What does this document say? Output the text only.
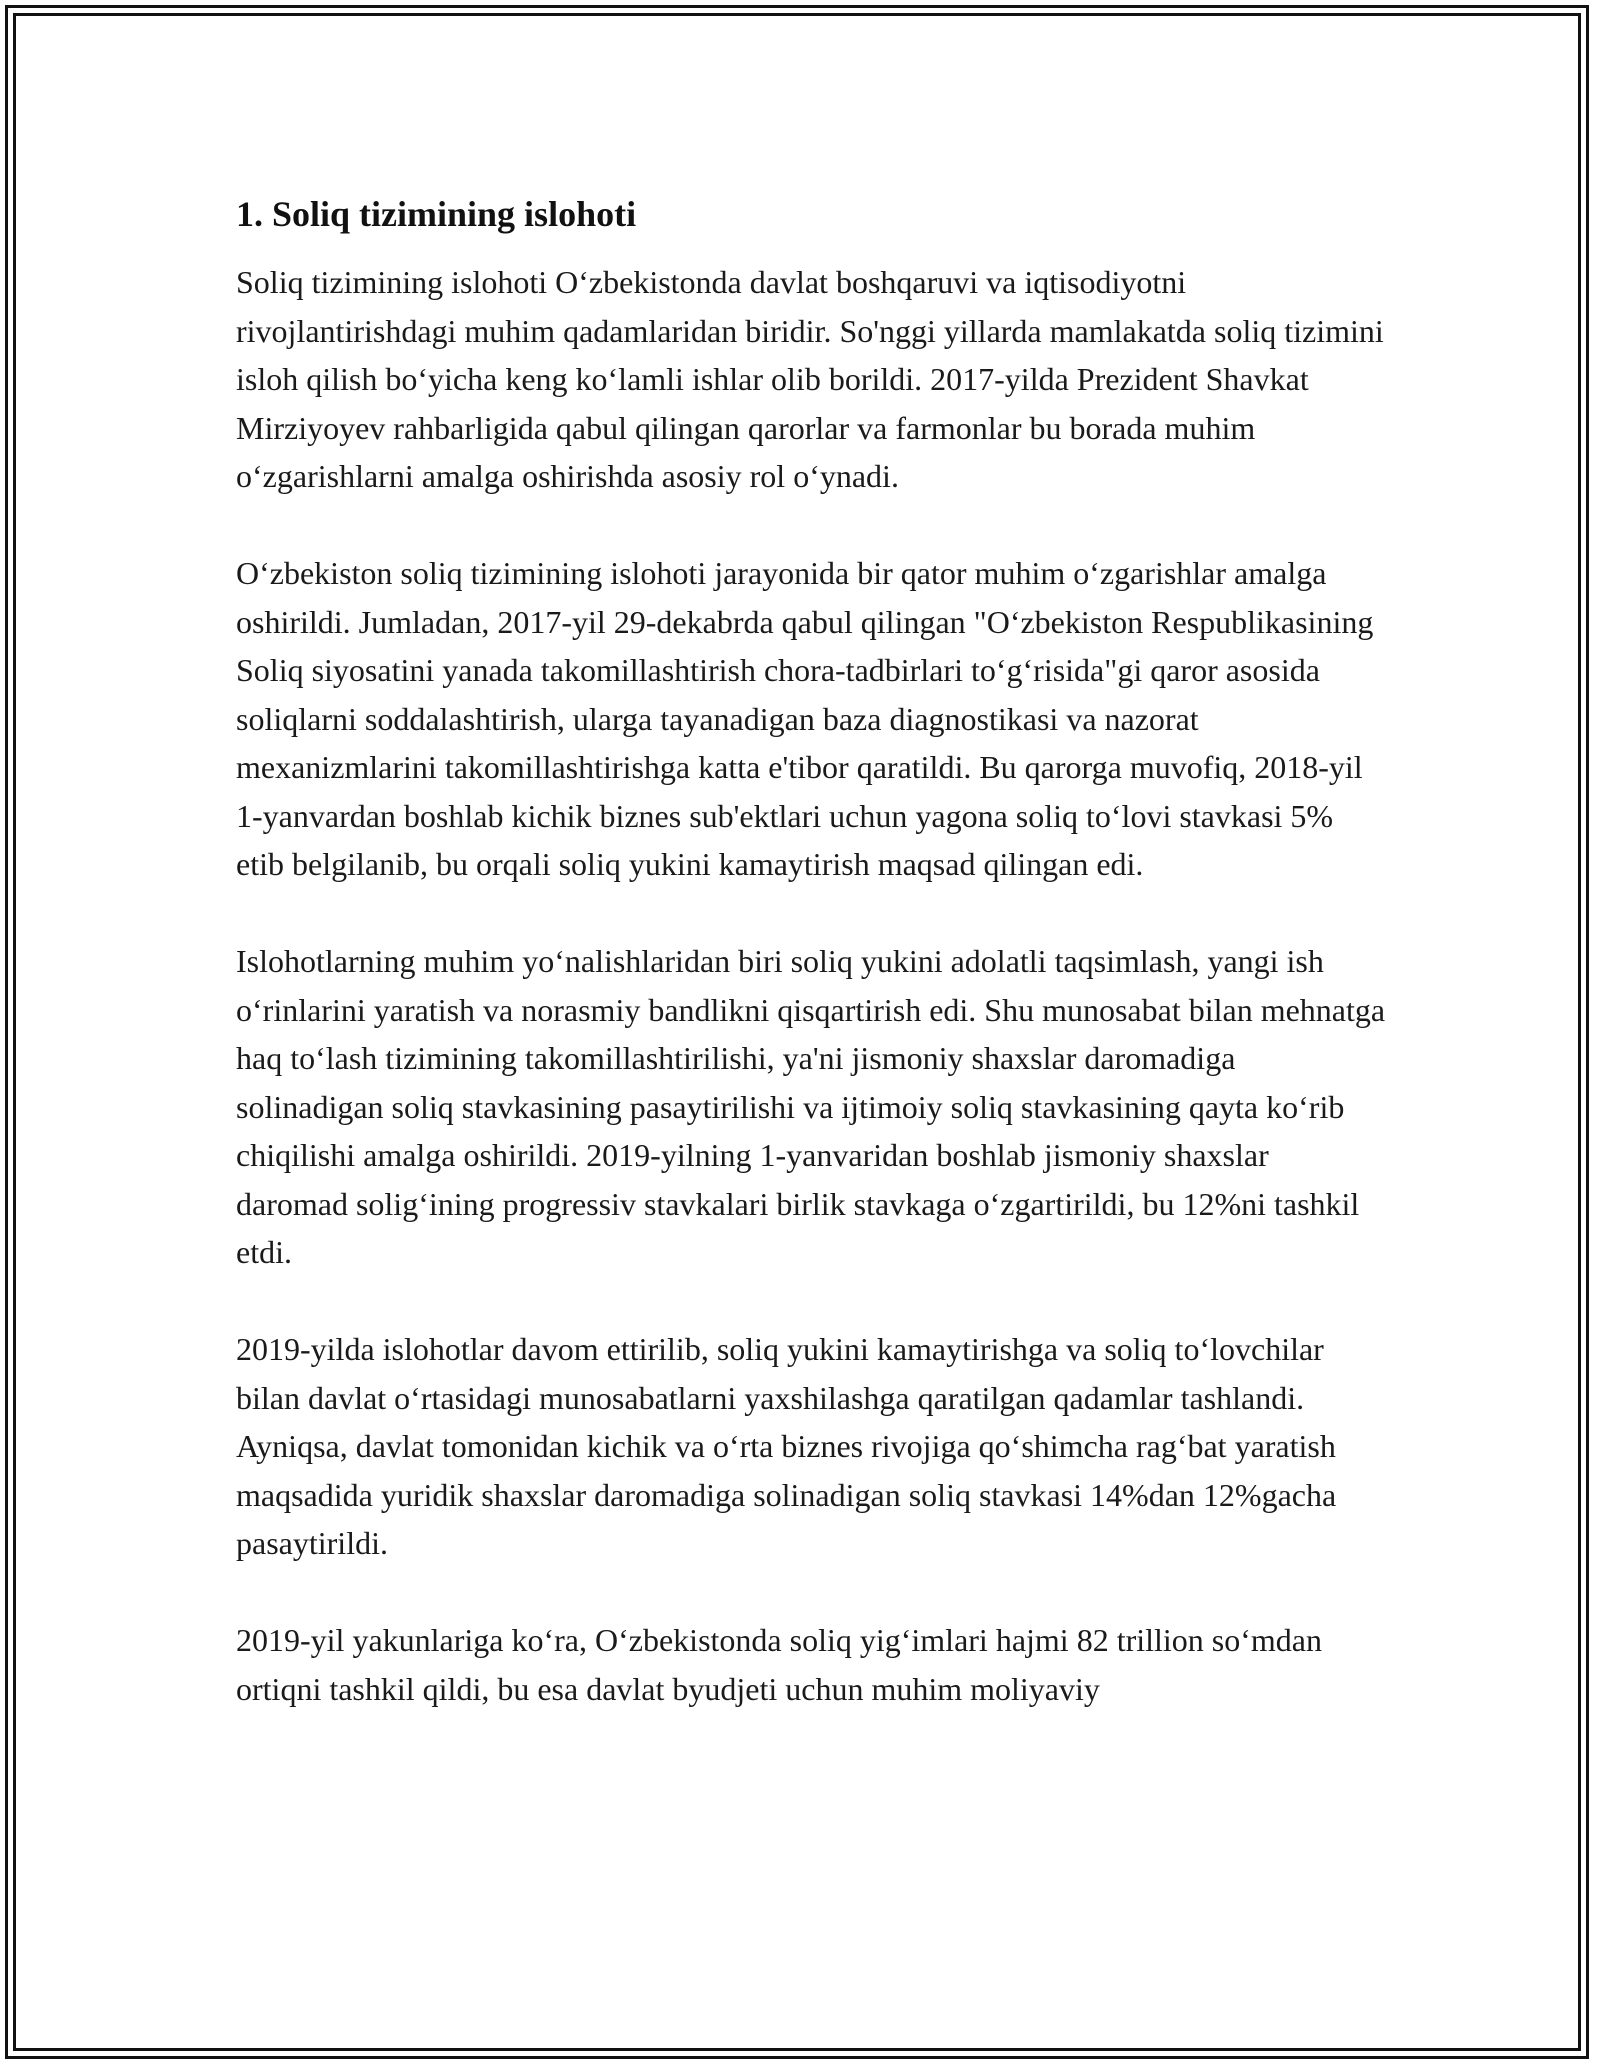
1. Soliq tizimining islohoti

Soliq tizimining islohoti O‘zbekistonda davlat boshqaruvi va iqtisodiyotni rivojlantirishdagi muhim qadamlaridan biridir. So'nggi yillarda mamlakatda soliq tizimini isloh qilish bo‘yicha keng ko‘lamli ishlar olib borildi. 2017-yilda Prezident Shavkat Mirziyoyev rahbarligida qabul qilingan qarorlar va farmonlar bu borada muhim o‘zgarishlarni amalga oshirishda asosiy rol o‘ynadi.

O‘zbekiston soliq tizimining islohoti jarayonida bir qator muhim o‘zgarishlar amalga oshirildi. Jumladan, 2017-yil 29-dekabrda qabul qilingan "O‘zbekiston Respublikasining Soliq siyosatini yanada takomillashtirish chora-tadbirlari to‘g‘risida"gi qaror asosida soliqlarni soddalashtirish, ularga tayanadigan baza diagnostikasi va nazorat mexanizmlarini takomillashtirishga katta e'tibor qaratildi. Bu qarorga muvofiq, 2018-yil 1-yanvardan boshlab kichik biznes sub'ektlari uchun yagona soliq to‘lovi stavkasi 5% etib belgilanib, bu orqali soliq yukini kamaytirish maqsad qilingan edi.

Islohotlarning muhim yo‘nalishlaridan biri soliq yukini adolatli taqsimlash, yangi ish o‘rinlarini yaratish va norasmiy bandlikni qisqartirish edi. Shu munosabat bilan mehnatga haq to‘lash tizimining takomillashtirilishi, ya'ni jismoniy shaxslar daromadiga solinadigan soliq stavkasining pasaytirilishi va ijtimoiy soliq stavkasining qayta ko‘rib chiqilishi amalga oshirildi. 2019-yilning 1-yanvaridan boshlab jismoniy shaxslar daromad solig‘ining progressiv stavkalari birlik stavkaga o‘zgartirildi, bu 12%ni tashkil etdi.

2019-yilda islohotlar davom ettirilib, soliq yukini kamaytirishga va soliq to‘lovchilar bilan davlat o‘rtasidagi munosabatlarni yaxshilashga qaratilgan qadamlar tashlandi. Ayniqsa, davlat tomonidan kichik va o‘rta biznes rivojiga qo‘shimcha rag‘bat yaratish maqsadida yuridik shaxslar daromadiga solinadigan soliq stavkasi 14%dan 12%gacha pasaytirildi.

2019-yil yakunlariga ko‘ra, O‘zbekistonda soliq yig‘imlari hajmi 82 trillion so‘mdan ortiqni tashkil qildi, bu esa davlat byudjeti uchun muhim moliyaviy
